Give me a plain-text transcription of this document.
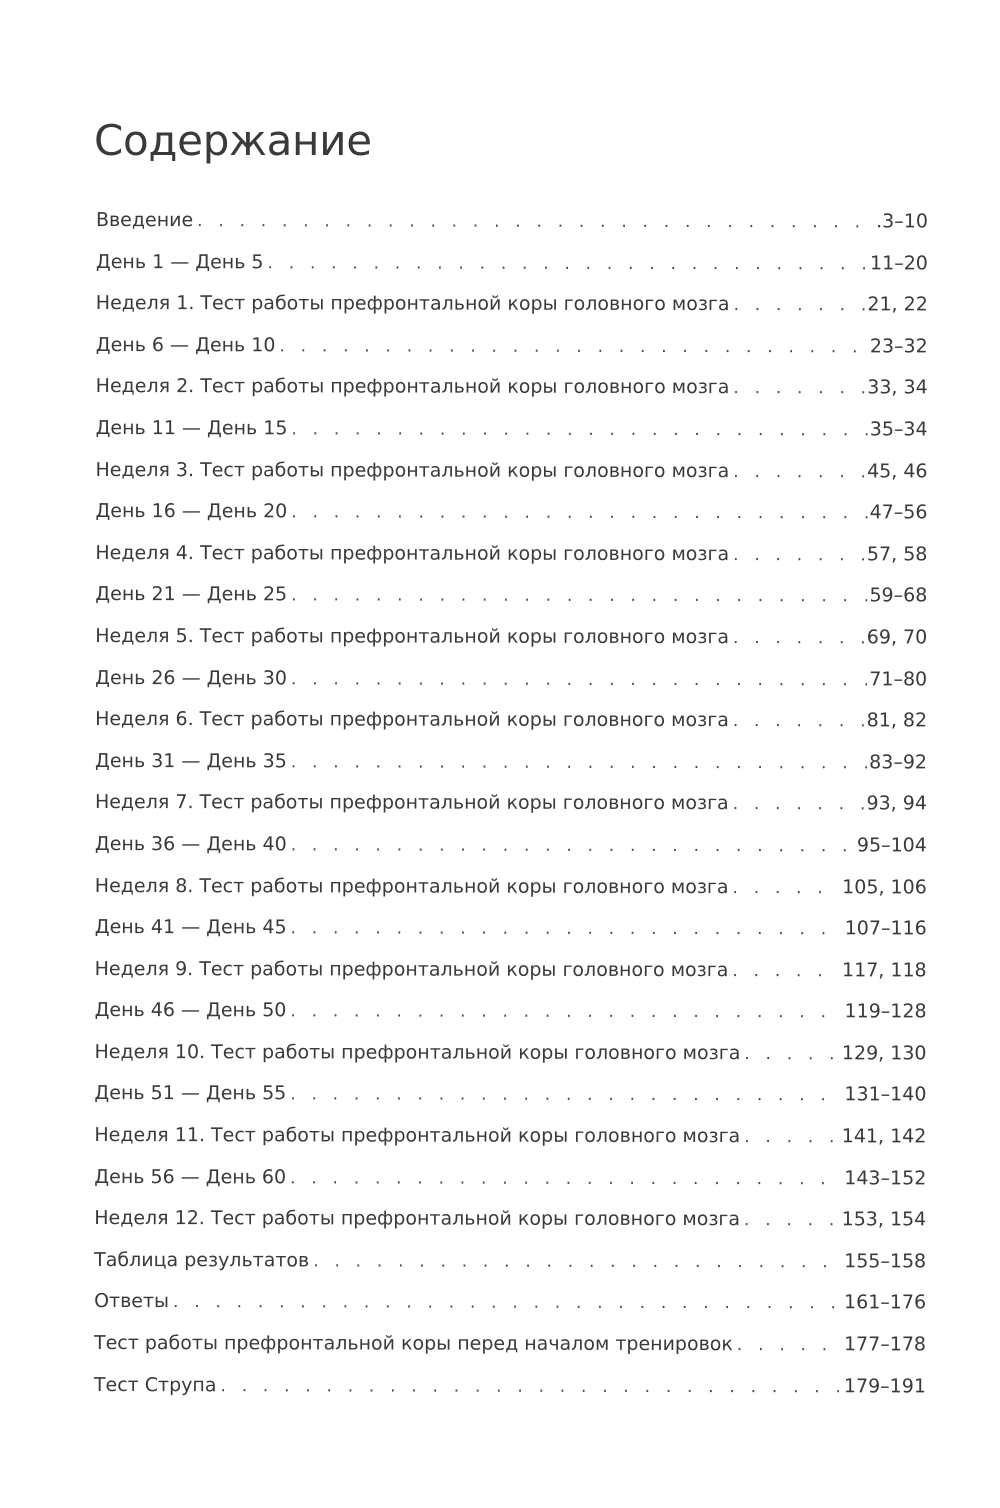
Содержание
Введение . . .	.3–10
День 1 — День 5 . . .	11–20
Неделя 1. Тест работы префронтальной коры головного мозга . . .	21, 22
День 6 — День 10 . . .	23–32
Неделя 2. Тест работы префронтальной коры головного мозга . . .	33, 34
День 11 — День 15 . . .	35–34
Неделя 3. Тест работы префронтальной коры головного мозга . . .	45, 46
День 16 — День 20 . . .	47–56
Неделя 4. Тест работы префронтальной коры головного мозга . . .	57, 58
День 21 — День 25 . . .	59–68
Неделя 5. Тест работы префронтальной коры головного мозга . . .	69, 70
День 26 — День 30 . . .	71–80
Неделя 6. Тест работы префронтальной коры головного мозга . . .	81, 82
День 31 — День 35 . . .	83–92
Неделя 7. Тест работы префронтальной коры головного мозга . . .	93, 94
День 36 — День 40 . . .	95–104
Неделя 8. Тест работы префронтальной коры головного мозга . . .	105, 106
День 41 — День 45 . . .	107–116
Неделя 9. Тест работы префронтальной коры головного мозга . . .	117, 118
День 46 — День 50 . . .	119–128
Неделя 10. Тест работы префронтальной коры головного мозга . . .	129, 130
День 51 — День 55 . . .	131–140
Неделя 11. Тест работы префронтальной коры головного мозга . . .	141, 142
День 56 — День 60 . . .	143–152
Неделя 12. Тест работы префронтальной коры головного мозга . . .	153, 154
Таблица результатов . . .	155–158
Ответы . . .	161–176
Тест работы префронтальной коры перед началом тренировок . . .	177–178
Тест Струпа . . .	179–191
